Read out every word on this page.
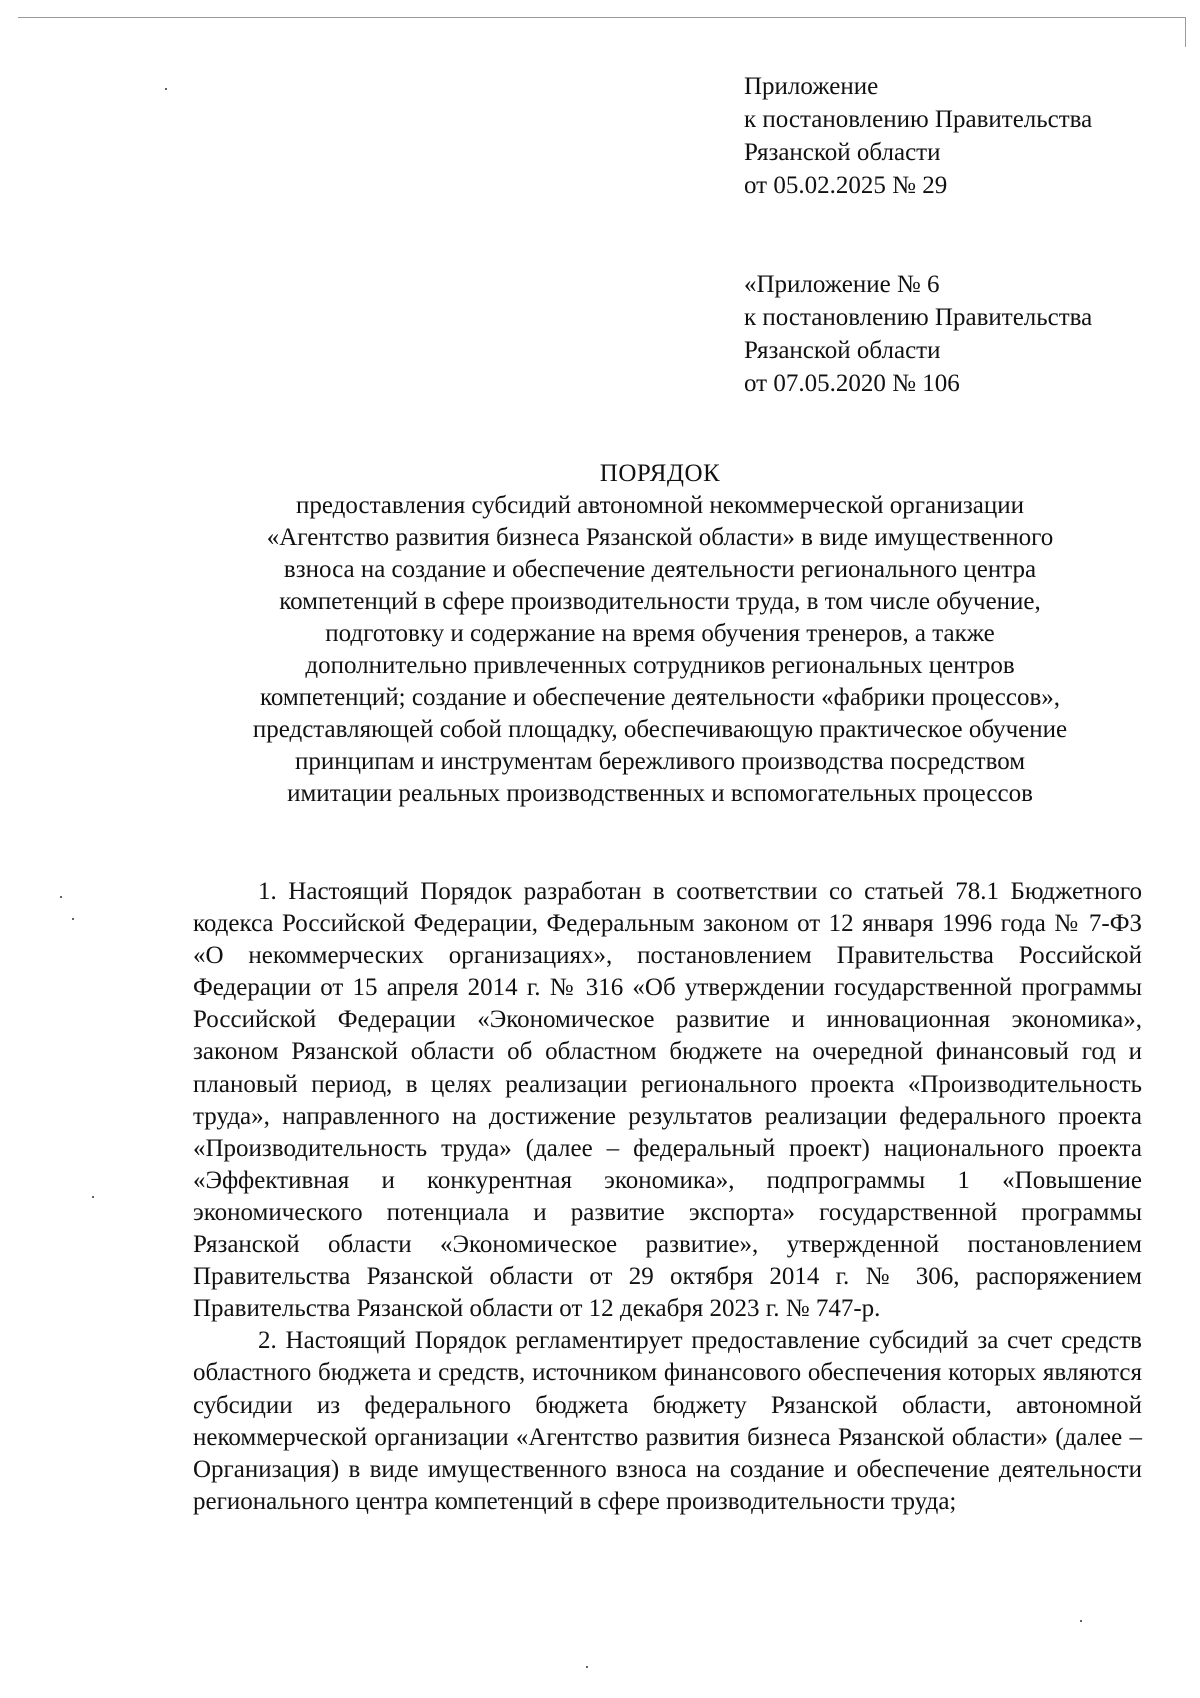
Приложение
к постановлению Правительства
Рязанской области
от 05.02.2025 № 29
«Приложение № 6
к постановлению Правительства
Рязанской области
от 07.05.2020 № 106
ПОРЯДОК
предоставления субсидий автономной некоммерческой организации
«Агентство развития бизнеса Рязанской области» в виде имущественного
взноса на создание и обеспечение деятельности регионального центра
компетенций в сфере производительности труда, в том числе обучение,
подготовку и содержание на время обучения тренеров, а также
дополнительно привлеченных сотрудников региональных центров
компетенций; создание и обеспечение деятельности «фабрики процессов»,
представляющей собой площадку, обеспечивающую практическое обучение
принципам и инструментам бережливого производства посредством
имитации реальных производственных и вспомогательных процессов

1. Настоящий Порядок разработан в соответствии со статьей 78.1 Бюджетного кодекса Российской Федерации, Федеральным законом от 12 января 1996 года № 7-ФЗ «О некоммерческих организациях», постановлением Правительства Российской Федерации от 15 апреля 2014 г. № 316 «Об утверждении государственной программы Российской Федерации «Экономическое развитие и инновационная экономика», законом Рязанской области об областном бюджете на очередной финансовый год и плановый период, в целях реализации регионального проекта «Производительность труда», направленного на достижение результатов реализации федерального проекта «Производительность труда» (далее – федеральный проект) национального проекта «Эффективная и конкурентная экономика», подпрограммы 1 «Повышение экономического потенциала и развитие экспорта» государственной программы Рязанской области «Экономическое развитие», утвержденной постановлением Правительства Рязанской области от 29 октября 2014 г. № 306, распоряжением Правительства Рязанской области от 12 декабря 2023 г. № 747-р.

2. Настоящий Порядок регламентирует предоставление субсидий за счет средств областного бюджета и средств, источником финансового обеспечения которых являются субсидии из федерального бюджета бюджету Рязанской области, автономной некоммерческой организации «Агентство развития бизнеса Рязанской области» (далее – Организация) в виде имущественного взноса на создание и обеспечение деятельности регионального центра компетенций в сфере производительности труда;
